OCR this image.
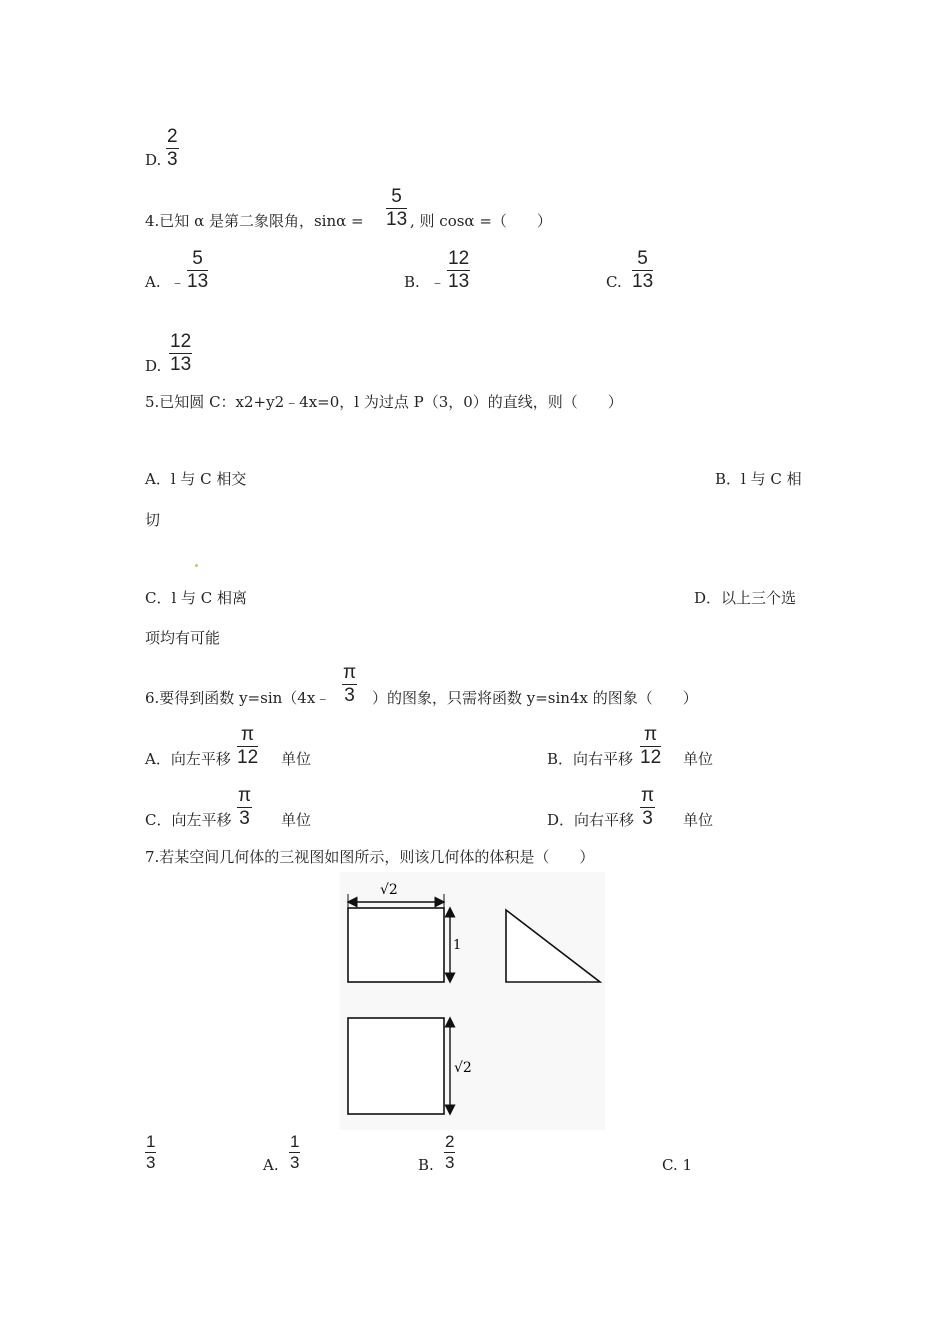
D. $\frac{2}{3}$
4.已知 α 是第二象限角，$\sin\alpha = \frac{5}{13}$ , 则 cosα =（　　）
A. ﹣ $\frac{5}{13}$	B. ﹣ $\frac{12}{13}$	C. $\frac{5}{13}$
D. $\frac{12}{13}$
5.已知圆 C：x2+y2﹣4x=0，l 为过点 P（3，0）的直线，则（　　）
A．l 与 C 相交	B．l 与 C 相
切
C．l 与 C 相离	D．以上三个选
项均有可能
6.要得到函数 y=sin（4x﹣ $\frac{\pi}{3}$ ）的图象，只需将函数 y=sin4x 的图象（　　）
A．向左平移 $\frac{\pi}{12}$ 单位	B．向右平移 $\frac{\pi}{12}$ 单位
C．向左平移 $\frac{\pi}{3}$ 单位	D．向右平移 $\frac{\pi}{3}$ 单位
7.若某空间几何体的三视图如图所示，则该几何体的体积是（　　）
√2
1
√2
$\frac{1}{3}$	A. $\frac{1}{3}$	B. $\frac{2}{3}$	C. 1
